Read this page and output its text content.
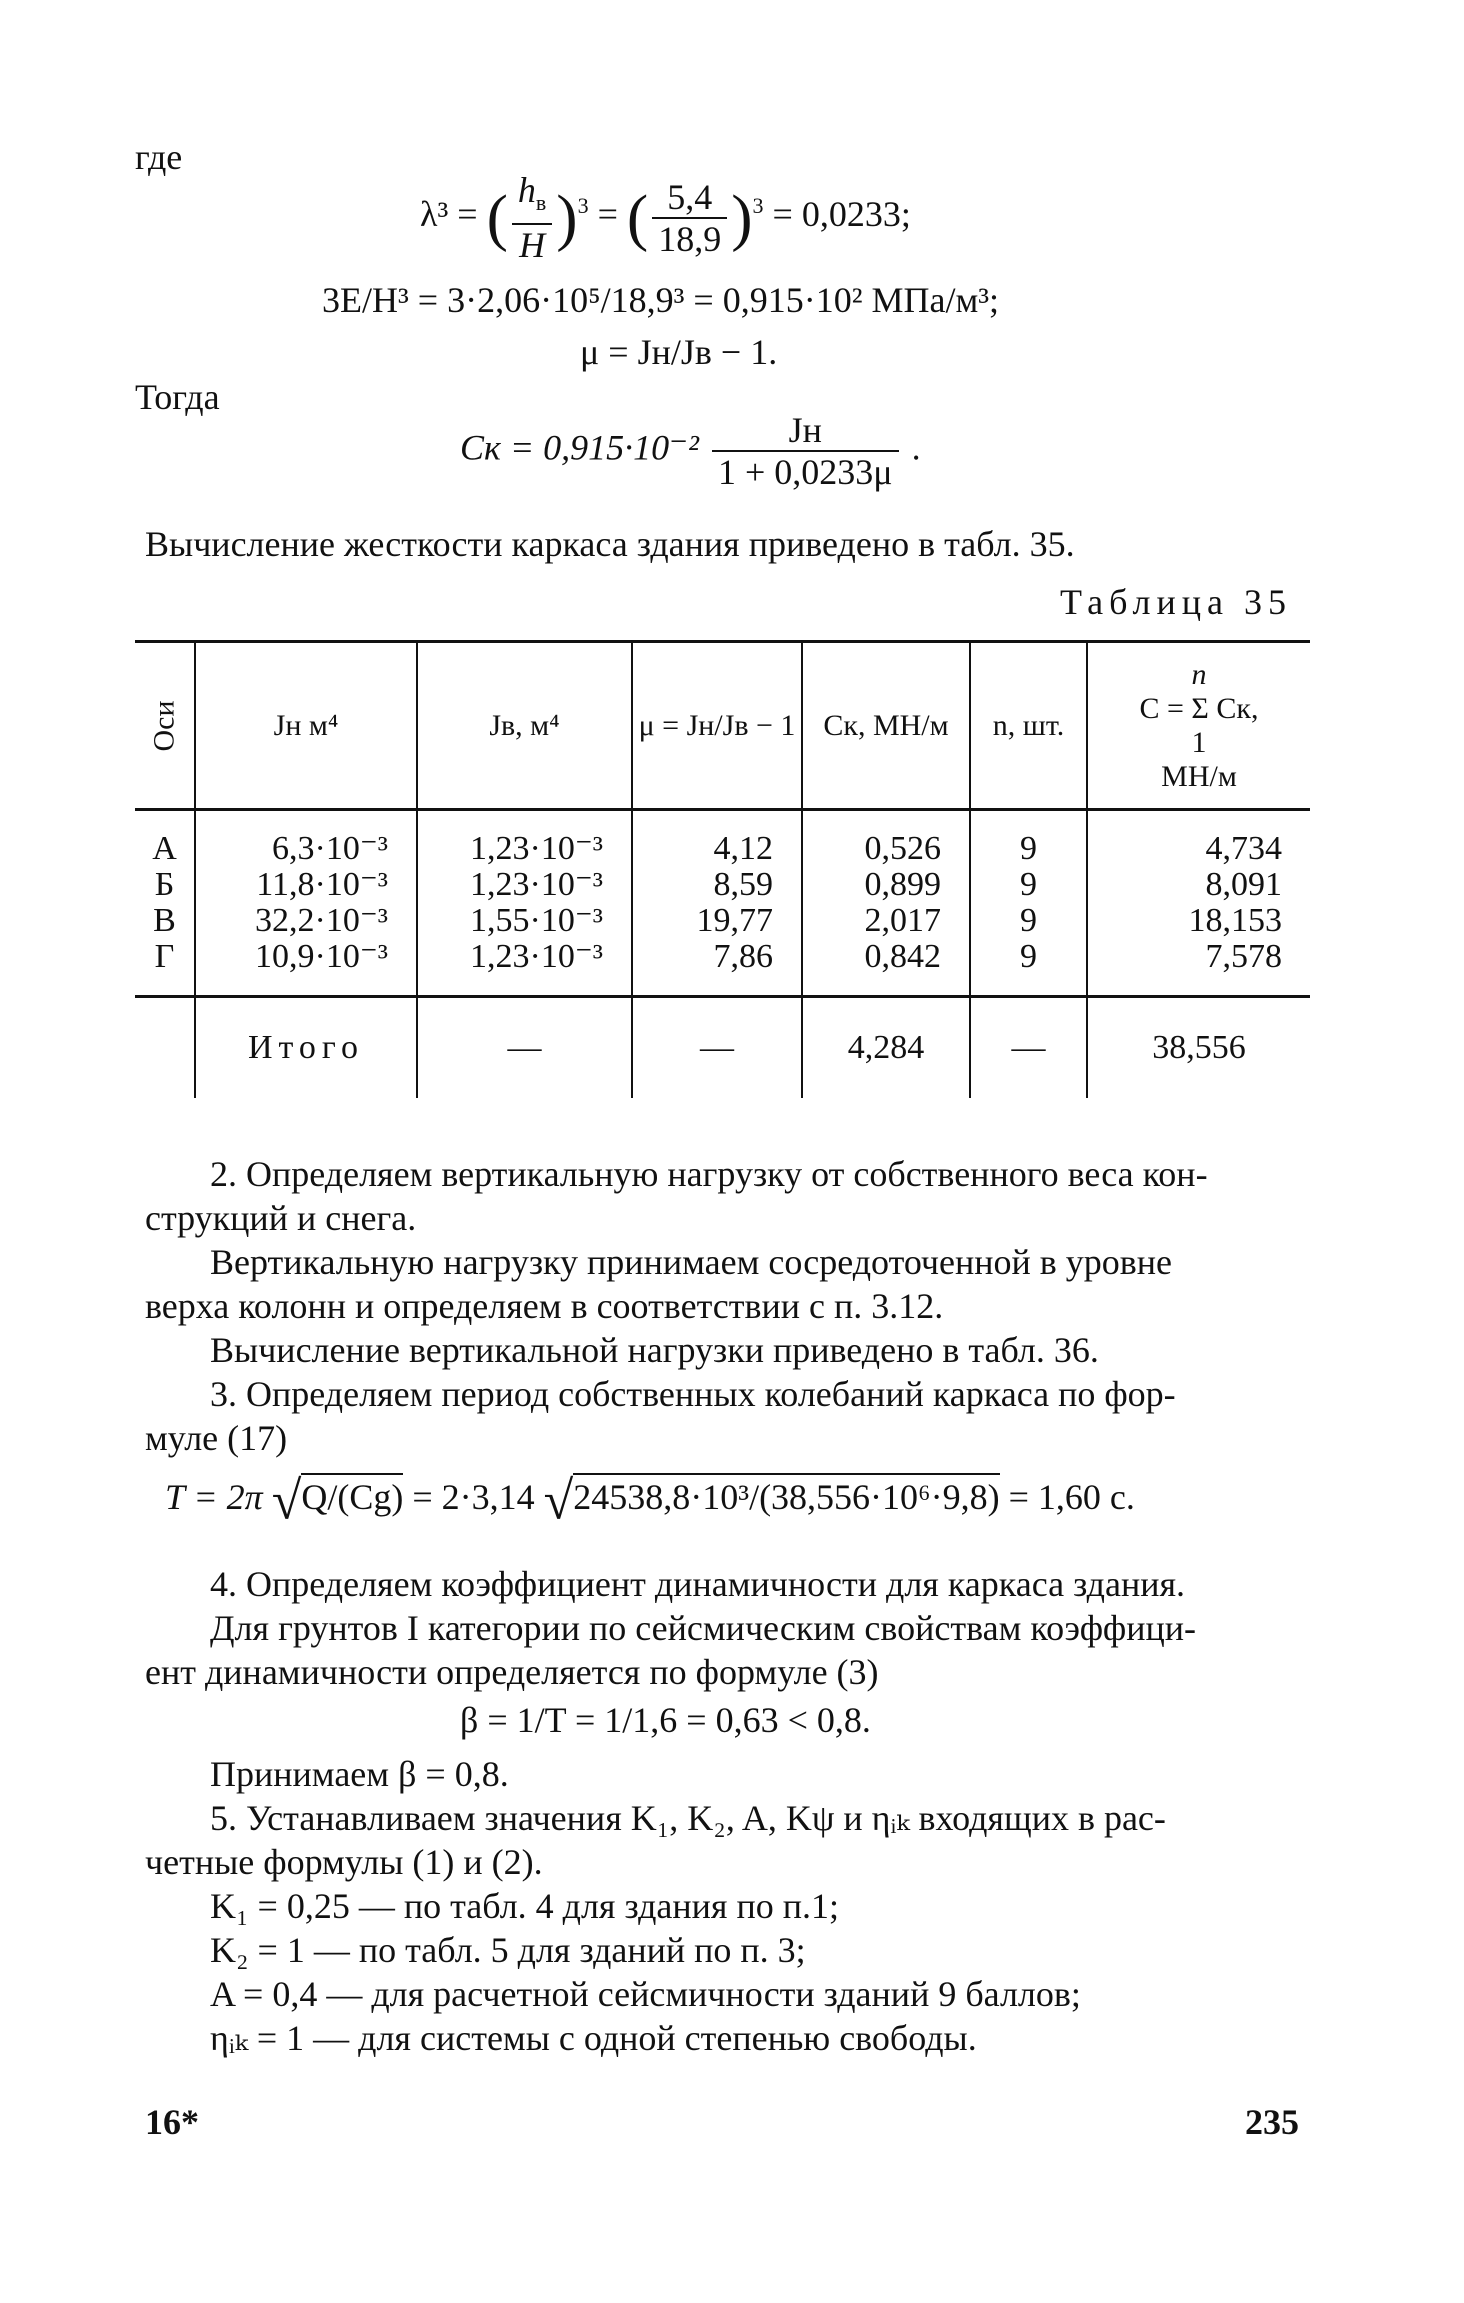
где
λ³ = ( $\frac{h_в}{H} )^3$ = ( $\frac{5,4}{18,9} )^3 = 0,0233$;
3E/H³ = 3·2,06·10⁵/18,9³ = 0,915·10² МПа/м³;
μ = Jн/Jв − 1.
Тогда
Cк = $0,915\cdot 10^{-2} \frac{Jн}{1 + 0,0233\mu}$ .
Вычисление жесткости каркаса здания приведено в табл. 35.
Таблица 35
Оси	Jн м⁴	Jв, м⁴	μ = Jн/Jв − 1	Cк, МН/м	n, шт.	n
C = Σ Cк,
1
МН/м

А	6,3·10⁻³	1,23·10⁻³	4,12	0,526	9	4,734
Б	11,8·10⁻³	1,23·10⁻³	8,59	0,899	9	8,091
В	32,2·10⁻³	1,55·10⁻³	19,77	2,017	9	18,153
Г	10,9·10⁻³	1,23·10⁻³	7,86	0,842	9	7,578

	Итого	—	—	4,284	—	38,556
2. Определяем вертикальную нагрузку от собственного веса кон-
струкций и снега.
Вертикальную нагрузку принимаем сосредоточенной в уровне
верха колонн и определяем в соответствии с п. 3.12.
Вычисление вертикальной нагрузки приведено в табл. 36.
3. Определяем период собственных колебаний каркаса по фор-
муле (17)
T = 2π √Q/(Cg) = 2·3,14 √24538,8·10³/(38,556·10⁶·9,8) = 1,60 c.
4. Определяем коэффициент динамичности для каркаса здания.
Для грунтов I категории по сейсмическим свойствам коэффици-
ент динамичности определяется по формуле (3)
β = 1/T = 1/1,6 = 0,63 < 0,8.
Принимаем β = 0,8.
5. Устанавливаем значения K₁, K₂, A, Kψ и ηᵢₖ входящих в рас-
четные формулы (1) и (2).
K₁ = 0,25 — по табл. 4 для здания по п.1;
K₂ = 1 — по табл. 5 для зданий по п. 3;
A = 0,4 — для расчетной сейсмичности зданий 9 баллов;
ηᵢₖ = 1 — для системы с одной степенью свободы.
16*	235
